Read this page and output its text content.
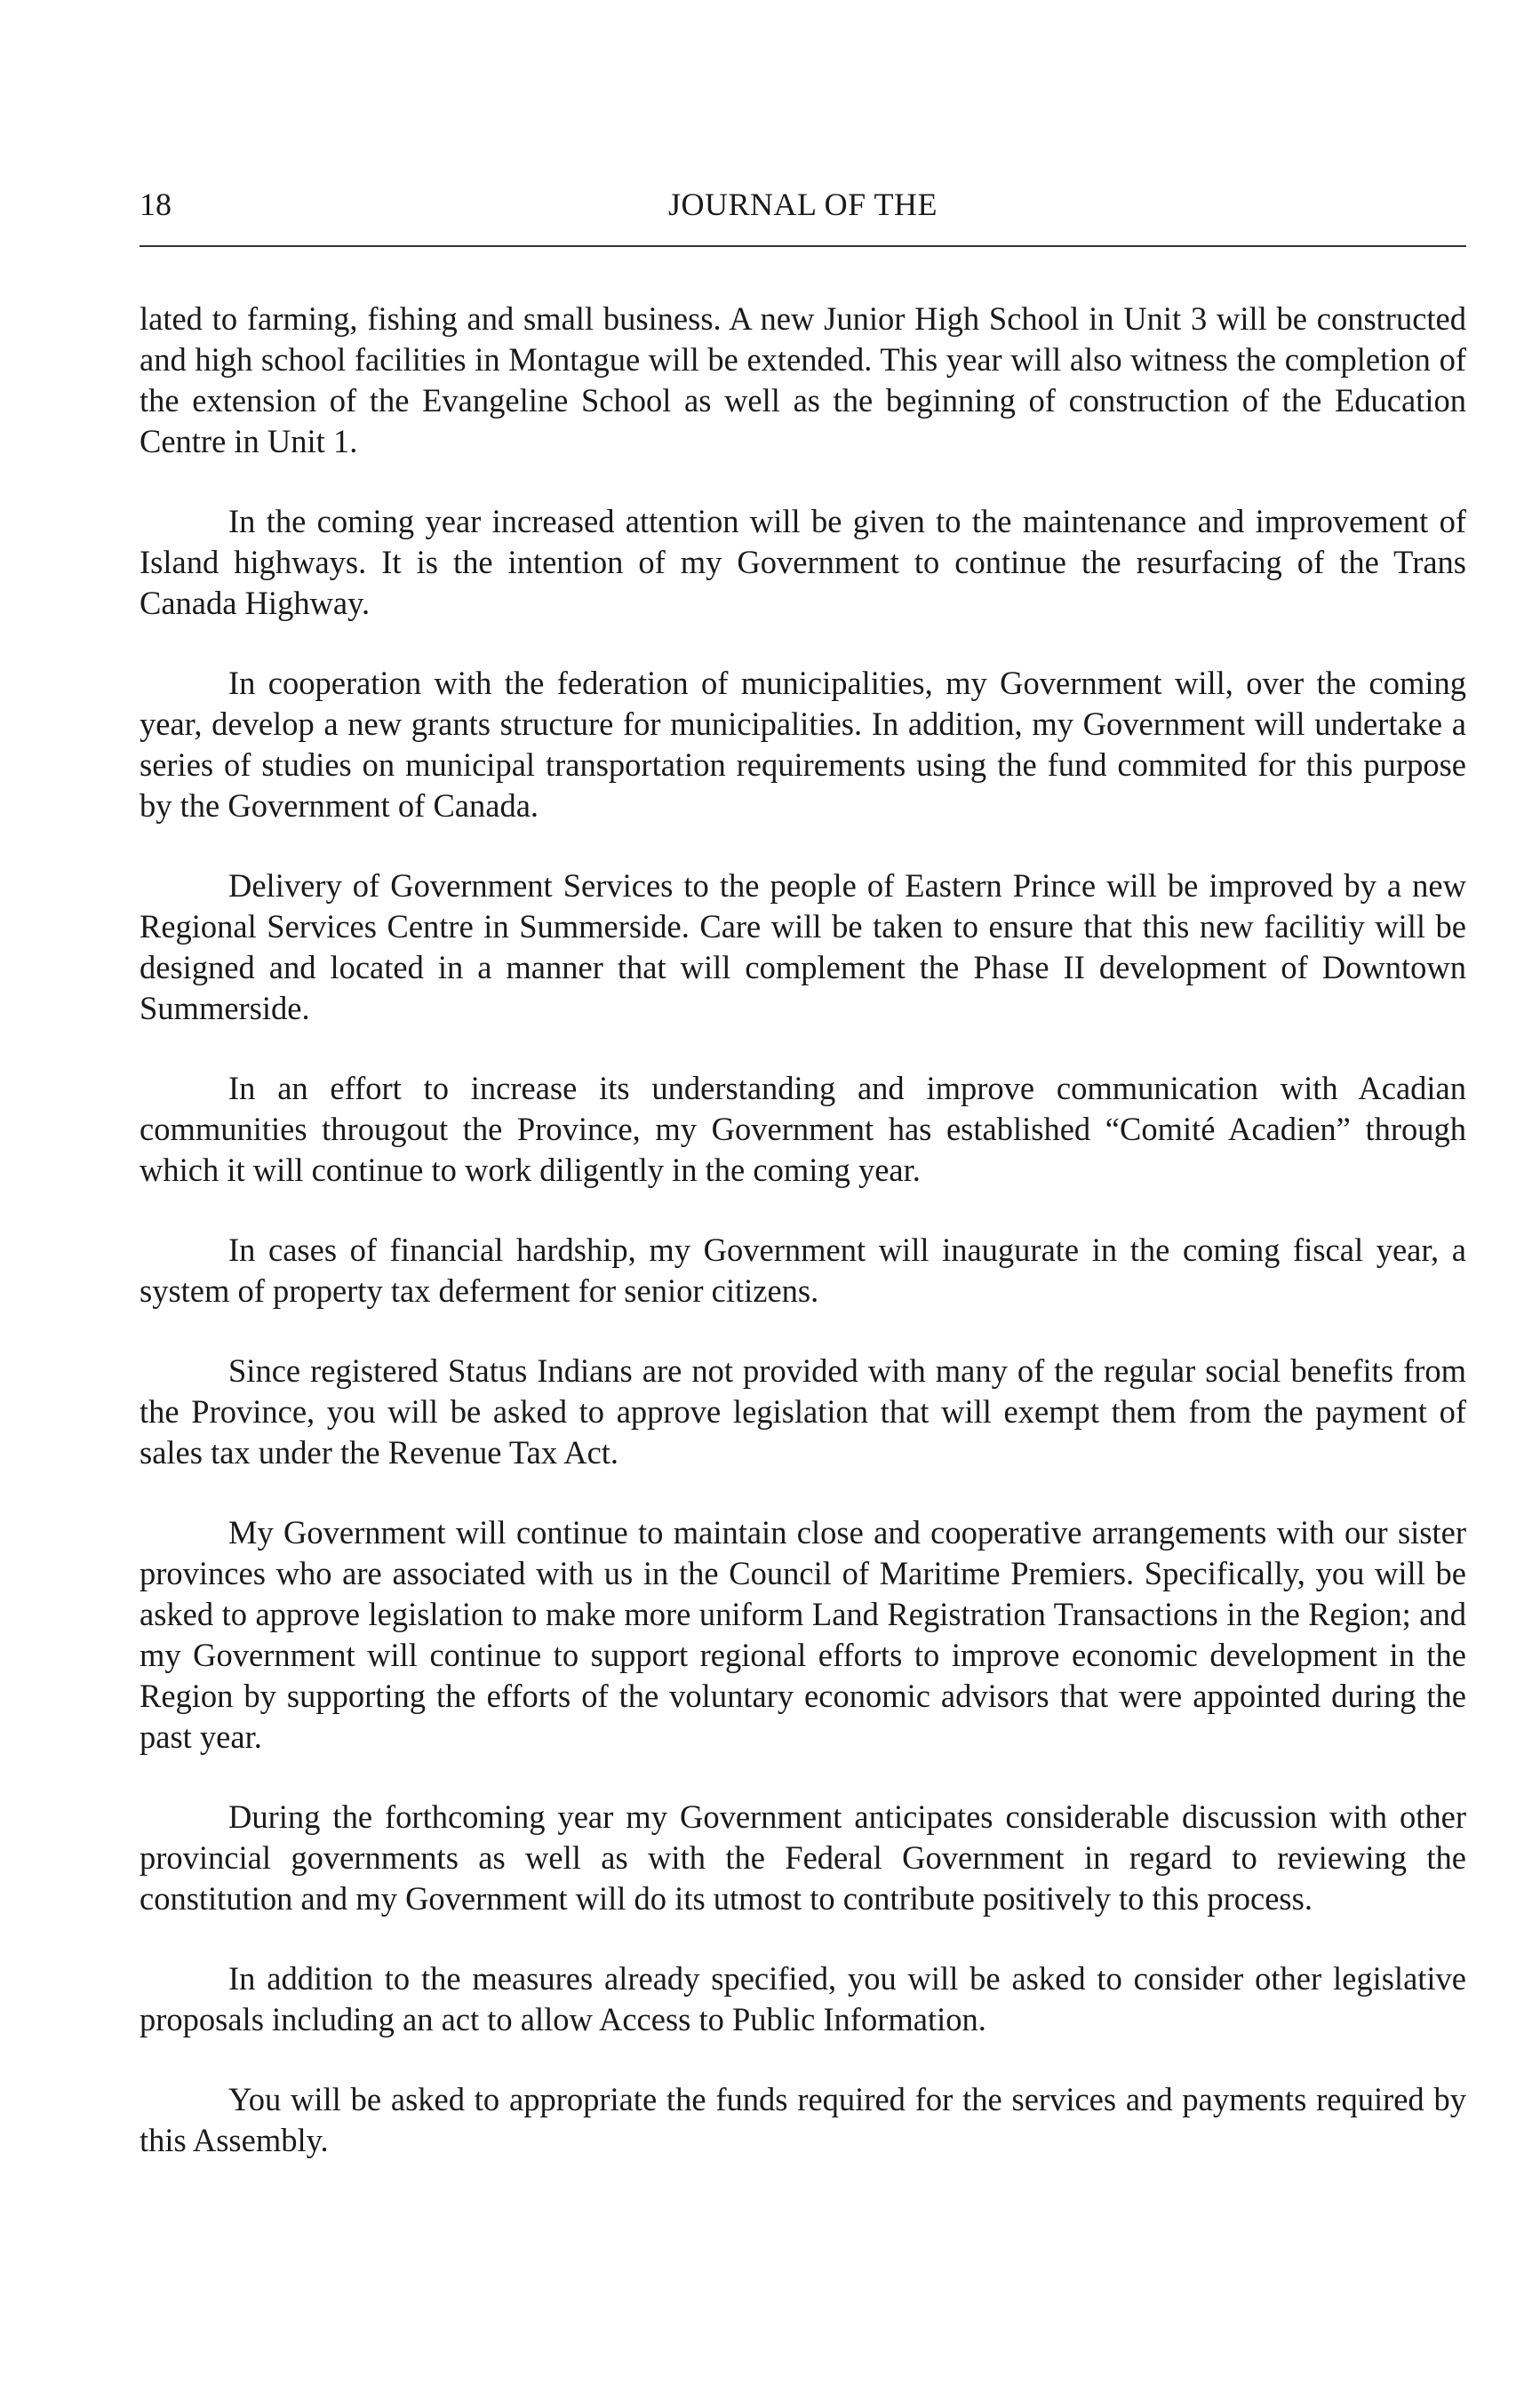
18	JOURNAL OF THE

lated to farming, fishing and small business. A new Junior High School in Unit 3 will be constructed and high school facilities in Montague will be extended. This year will also witness the completion of the extension of the Evangeline School as well as the beginning of construction of the Education Centre in Unit 1.

In the coming year increased attention will be given to the maintenance and improvement of Island highways. It is the intention of my Government to continue the resurfacing of the Trans Canada Highway.

In cooperation with the federation of municipalities, my Government will, over the coming year, develop a new grants structure for municipalities. In addition, my Government will undertake a series of studies on municipal transportation requirements using the fund commited for this purpose by the Government of Canada.

Delivery of Government Services to the people of Eastern Prince will be improved by a new Regional Services Centre in Summerside. Care will be taken to ensure that this new facilitiy will be designed and located in a manner that will complement the Phase II development of Downtown Summerside.

In an effort to increase its understanding and improve communication with Acadian communities througout the Province, my Government has established “Comité Acadien” through which it will continue to work diligently in the coming year.

In cases of financial hardship, my Government will inaugurate in the coming fiscal year, a system of property tax deferment for senior citizens.

Since registered Status Indians are not provided with many of the regular social benefits from the Province, you will be asked to approve legislation that will exempt them from the payment of sales tax under the Revenue Tax Act.

My Government will continue to maintain close and cooperative arrangements with our sister provinces who are associated with us in the Council of Maritime Premiers. Specifically, you will be asked to approve legislation to make more uniform Land Registration Transactions in the Region; and my Government will continue to support regional efforts to improve economic development in the Region by supporting the efforts of the voluntary economic advisors that were appointed during the past year.

During the forthcoming year my Government anticipates considerable discussion with other provincial governments as well as with the Federal Government in regard to reviewing the constitution and my Government will do its utmost to contribute positively to this process.

In addition to the measures already specified, you will be asked to consider other legislative proposals including an act to allow Access to Public Information.

You will be asked to appropriate the funds required for the services and payments required by this Assembly.
